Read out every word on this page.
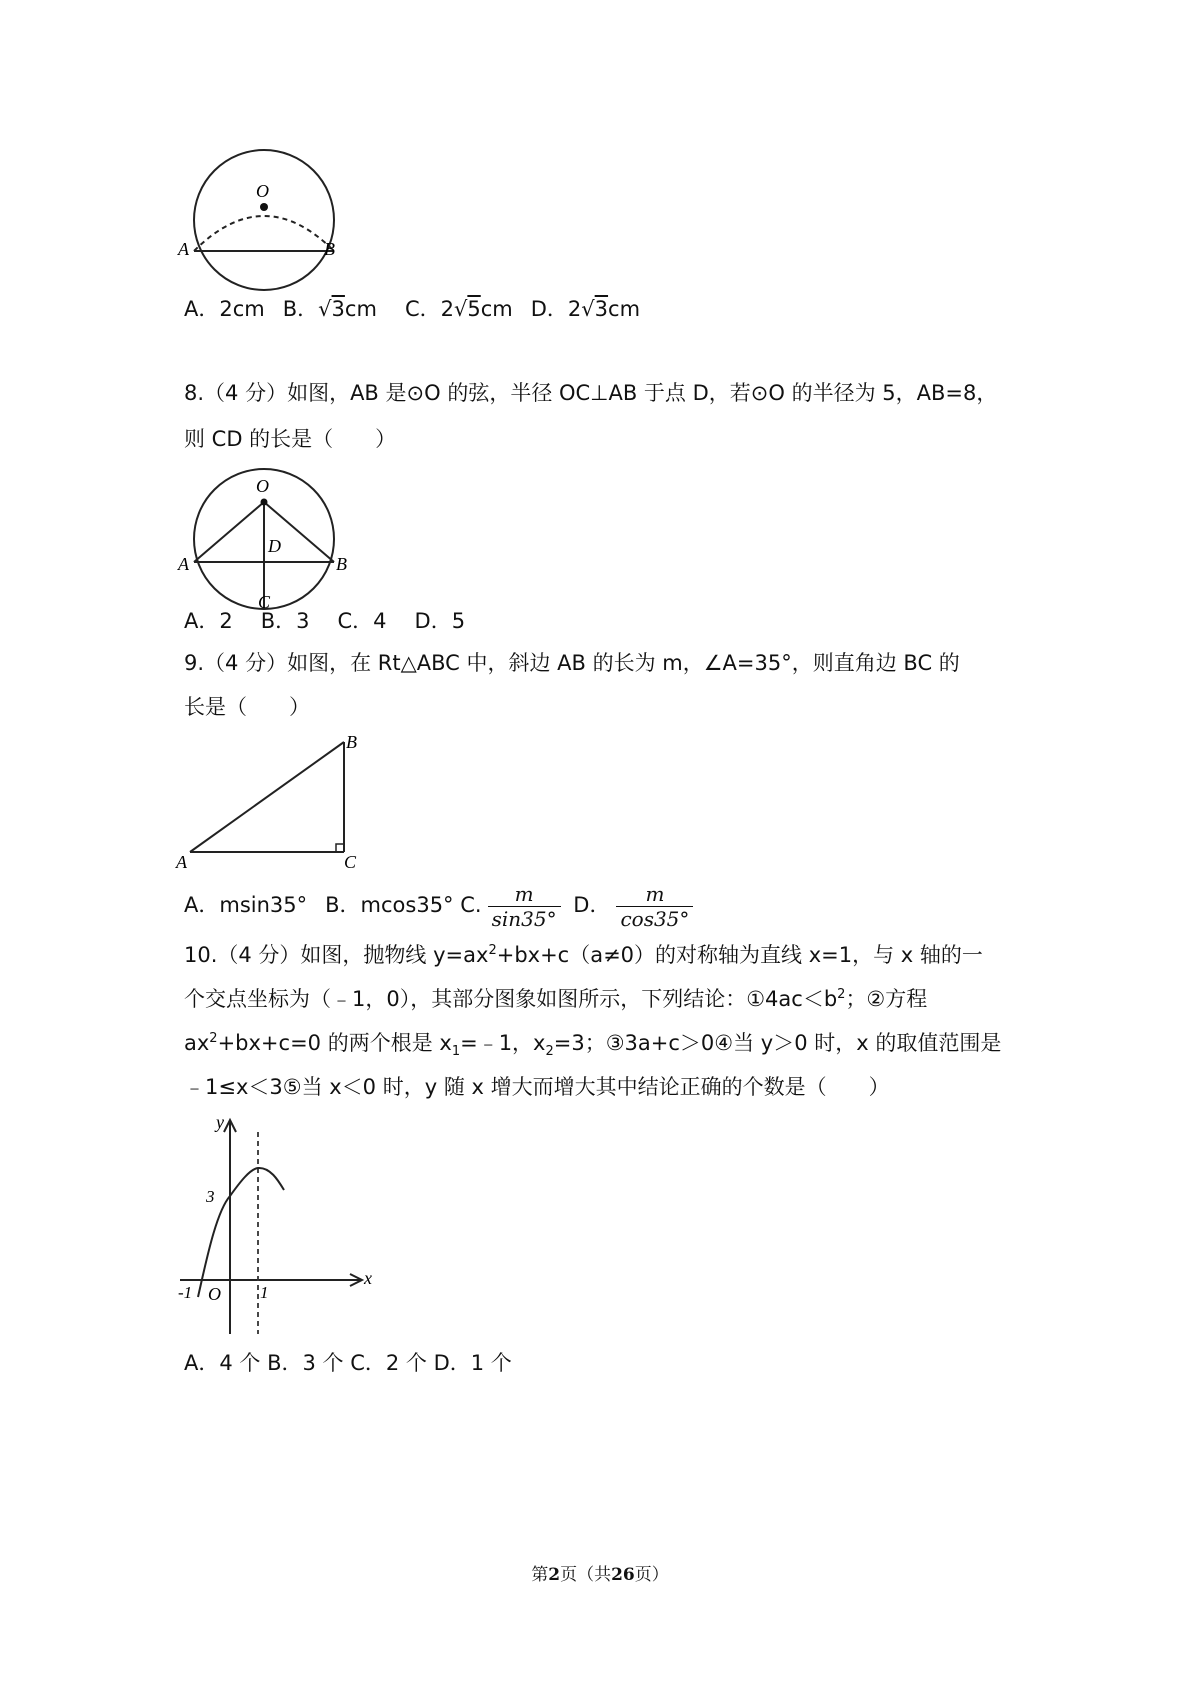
O
A	B
A．2cm B．√3cm C．2√5cm D．2√3cm
8.（4 分）如图，AB 是⊙O 的弦，半径 OC⊥AB 于点 D，若⊙O 的半径为 5，AB=8，
则 CD 的长是（　　）
O
A	B
C
D
A．2 B．3 C．4 D．5
9.（4 分）如图，在 Rt△ABC 中，斜边 AB 的长为 m，∠A=35°，则直角边 BC 的
长是（　　）
A
B
C
A．msin35° B．mcos35° C. $\frac{m}{\sin 35^\circ}$ D． $\frac{m}{\cos 35^\circ}$
10.（4 分）如图，抛物线 $y=ax^2+bx+c(a\ne 0)$的对称轴为直线 x=1，与 x 轴的一
个交点坐标为（﹣1，0），其部分图象如图所示，下列结论：$①4ac<b^2$；②方程
$ax^2+bx+c=0$ 的两个根是 $x_1=﹣1$，$x_2=3$；③3a+c＞0④当 y＞0 时，x 的取值范围是
﹣1≤x＜3⑤当 x＜0 时，y 随 x 增大而增大其中结论正确的个数是（　　）
y
x
3
-1 O 1
A．4 个 B．3 个 C．2 个 D．1 个
第2页（共26页）
